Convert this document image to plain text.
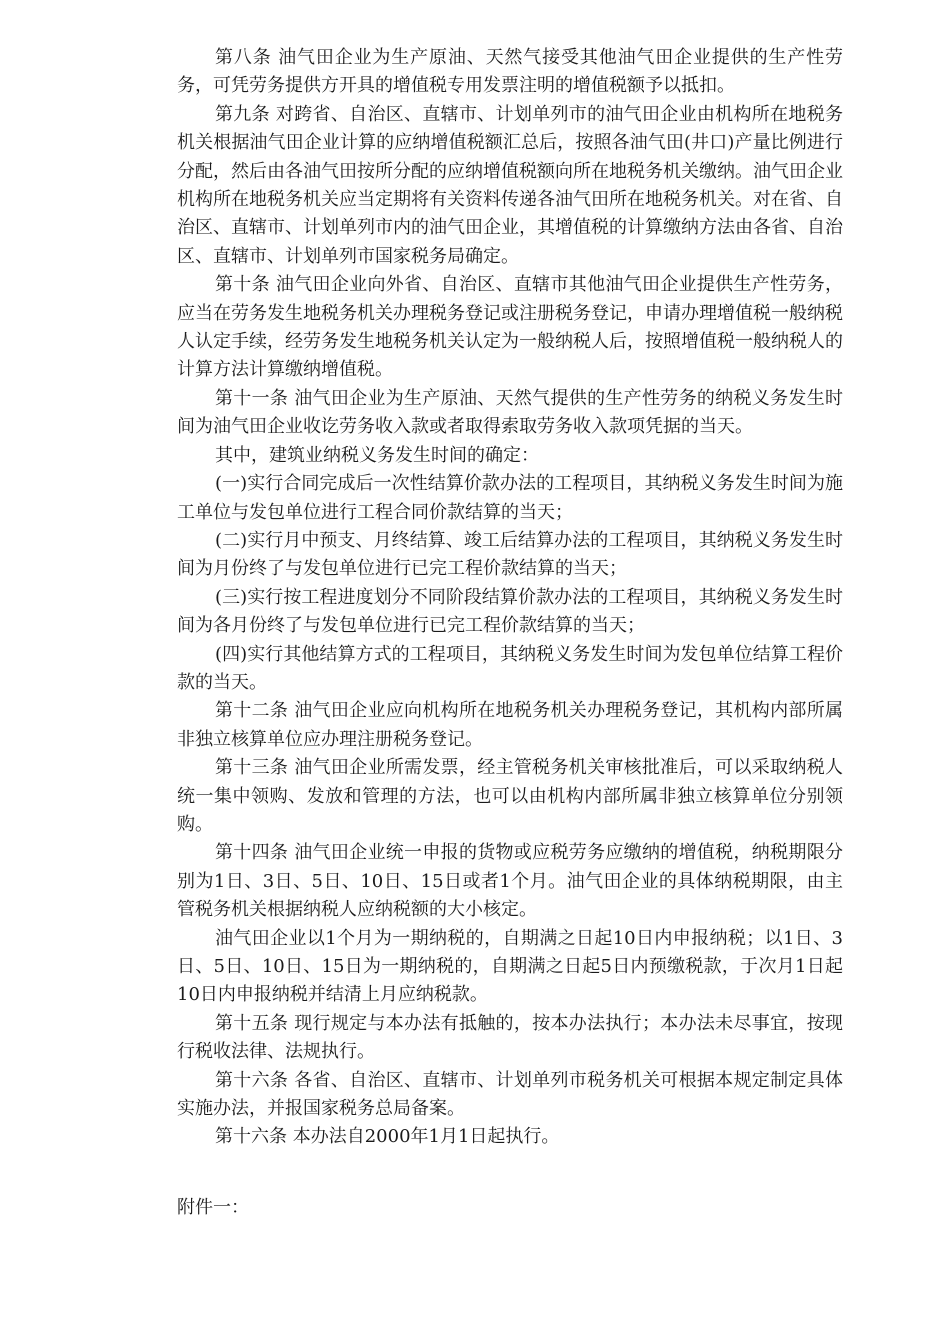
第八条 油气田企业为生产原油、天然气接受其他油气田企业提供的生产性劳务，可凭劳务提供方开具的增值税专用发票注明的增值税额予以抵扣。

第九条 对跨省、自治区、直辖市、计划单列市的油气田企业由机构所在地税务机关根据油气田企业计算的应纳增值税额汇总后，按照各油气田(井口)产量比例进行分配，然后由各油气田按所分配的应纳增值税额向所在地税务机关缴纳。油气田企业机构所在地税务机关应当定期将有关资料传递各油气田所在地税务机关。对在省、自治区、直辖市、计划单列市内的油气田企业，其增值税的计算缴纳方法由各省、自治区、直辖市、计划单列市国家税务局确定。

第十条 油气田企业向外省、自治区、直辖市其他油气田企业提供生产性劳务，应当在劳务发生地税务机关办理税务登记或注册税务登记，申请办理增值税一般纳税人认定手续，经劳务发生地税务机关认定为一般纳税人后，按照增值税一般纳税人的计算方法计算缴纳增值税。

第十一条 油气田企业为生产原油、天然气提供的生产性劳务的纳税义务发生时间为油气田企业收讫劳务收入款或者取得索取劳务收入款项凭据的当天。

其中，建筑业纳税义务发生时间的确定：

(一)实行合同完成后一次性结算价款办法的工程项目，其纳税义务发生时间为施工单位与发包单位进行工程合同价款结算的当天；

(二)实行月中预支、月终结算、竣工后结算办法的工程项目，其纳税义务发生时间为月份终了与发包单位进行已完工程价款结算的当天；

(三)实行按工程进度划分不同阶段结算价款办法的工程项目，其纳税义务发生时间为各月份终了与发包单位进行已完工程价款结算的当天；

(四)实行其他结算方式的工程项目，其纳税义务发生时间为发包单位结算工程价款的当天。

第十二条 油气田企业应向机构所在地税务机关办理税务登记，其机构内部所属非独立核算单位应办理注册税务登记。

第十三条 油气田企业所需发票，经主管税务机关审核批准后，可以采取纳税人统一集中领购、发放和管理的方法，也可以由机构内部所属非独立核算单位分别领购。

第十四条 油气田企业统一申报的货物或应税劳务应缴纳的增值税，纳税期限分别为1日、3日、5日、10日、15日或者1个月。油气田企业的具体纳税期限，由主管税务机关根据纳税人应纳税额的大小核定。

油气田企业以1个月为一期纳税的，自期满之日起10日内申报纳税；以1日、3日、5日、10日、15日为一期纳税的，自期满之日起5日内预缴税款，于次月1日起10日内申报纳税并结清上月应纳税款。

第十五条 现行规定与本办法有抵触的，按本办法执行；本办法未尽事宜，按现行税收法律、法规执行。

第十六条 各省、自治区、直辖市、计划单列市税务机关可根据本规定制定具体实施办法，并报国家税务总局备案。

第十六条 本办法自2000年1月1日起执行。

附件一：
